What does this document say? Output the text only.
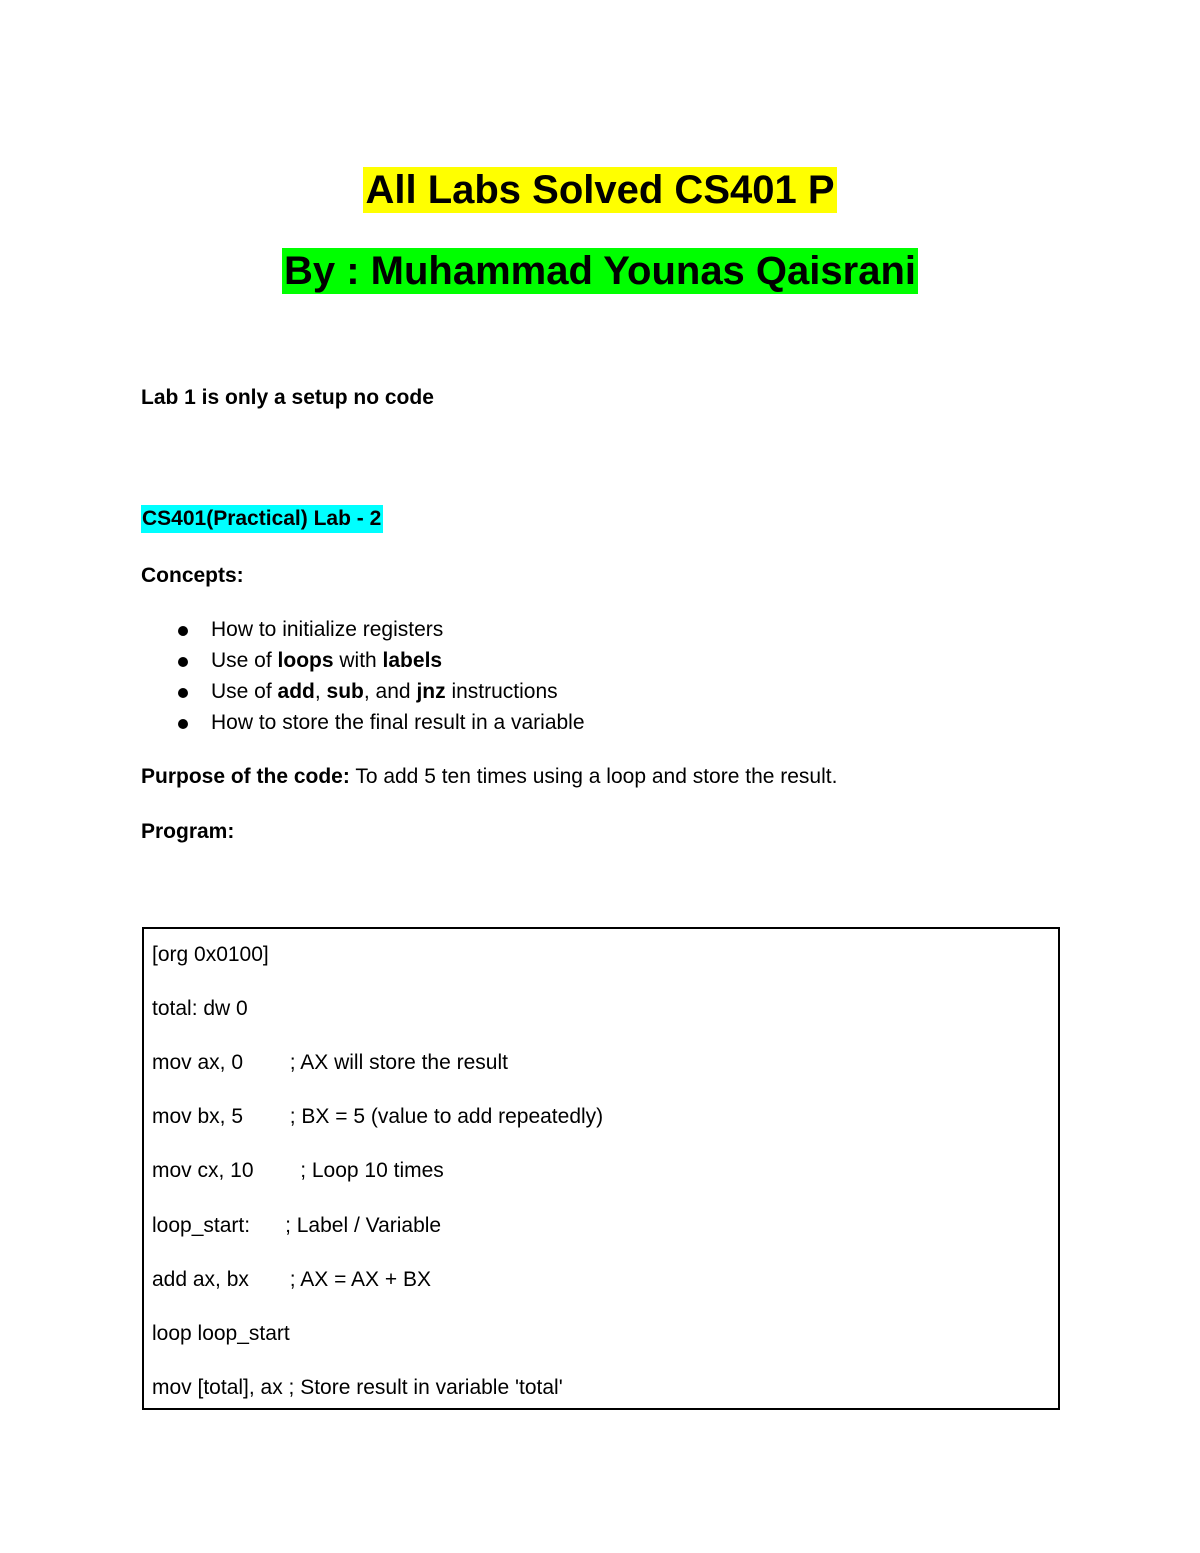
All Labs Solved CS401 P
By : Muhammad Younas Qaisrani
Lab 1 is only a setup no code
CS401(Practical) Lab - 2
Concepts:
How to initialize registers
Use of loops with labels
Use of add, sub, and jnz instructions
How to store the final result in a variable
Purpose of the code: To add 5 ten times using a loop and store the result.
Program:
[org 0x0100]
total: dw 0
mov ax, 0        ; AX will store the result
mov bx, 5        ; BX = 5 (value to add repeatedly)
mov cx, 10        ; Loop 10 times
loop_start:      ; Label / Variable
add ax, bx       ; AX = AX + BX
loop loop_start
mov [total], ax ; Store result in variable 'total'
